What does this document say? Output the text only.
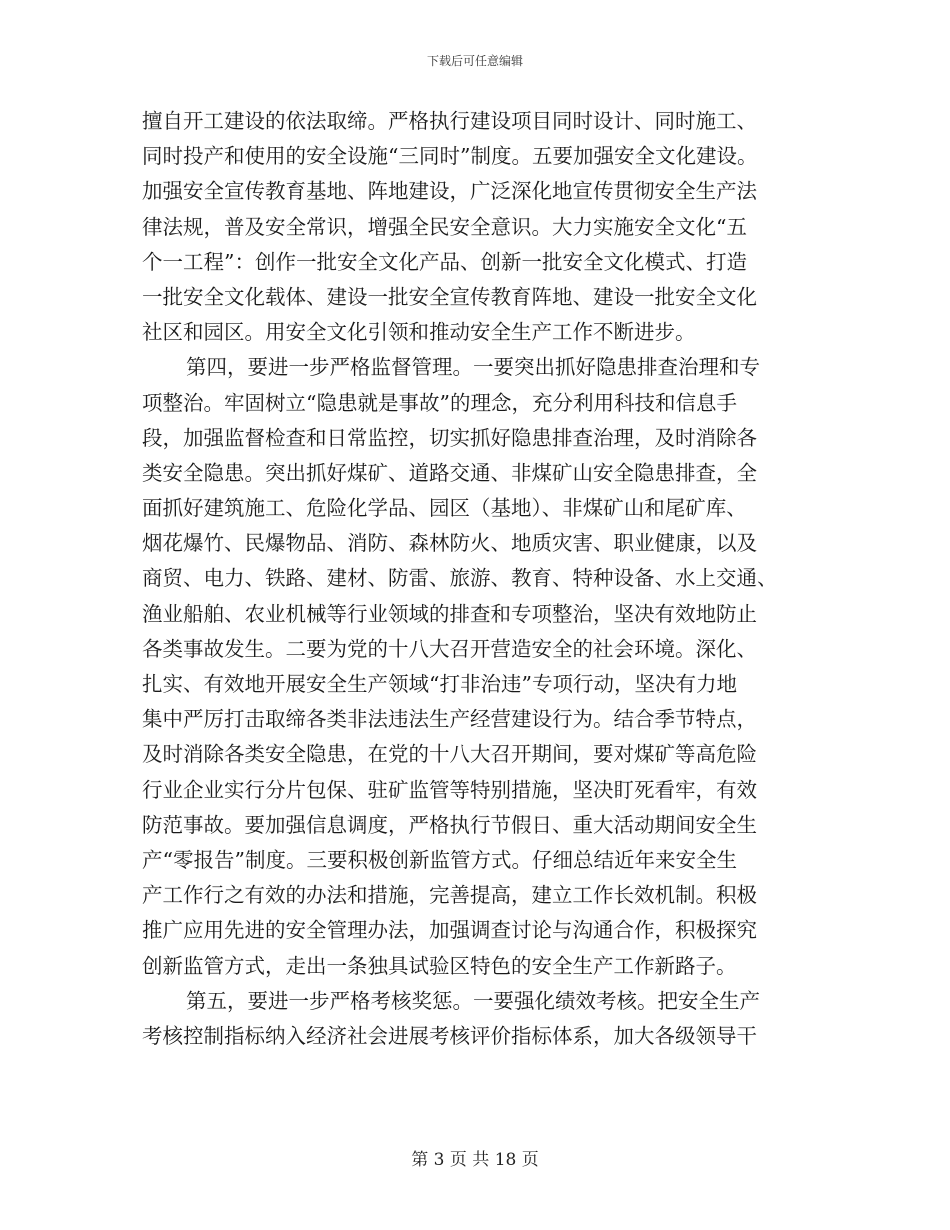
下载后可任意编辑
擅自开工建设的依法取缔。严格执行建设项目同时设计、同时施工、
同时投产和使用的安全设施“三同时”制度。五要加强安全文化建设。
加强安全宣传教育基地、阵地建设，广泛深化地宣传贯彻安全生产法
律法规，普及安全常识，增强全民安全意识。大力实施安全文化“五
个一工程”：创作一批安全文化产品、创新一批安全文化模式、打造
一批安全文化载体、建设一批安全宣传教育阵地、建设一批安全文化
社区和园区。用安全文化引领和推动安全生产工作不断进步。
第四，要进一步严格监督管理。一要突出抓好隐患排查治理和专
项整治。牢固树立“隐患就是事故”的理念，充分利用科技和信息手
段，加强监督检查和日常监控，切实抓好隐患排查治理，及时消除各
类安全隐患。突出抓好煤矿、道路交通、非煤矿山安全隐患排查，全
面抓好建筑施工、危险化学品、园区（基地）、非煤矿山和尾矿库、
烟花爆竹、民爆物品、消防、森林防火、地质灾害、职业健康，以及
商贸、电力、铁路、建材、防雷、旅游、教育、特种设备、水上交通、
渔业船舶、农业机械等行业领域的排查和专项整治，坚决有效地防止
各类事故发生。二要为党的十八大召开营造安全的社会环境。深化、
扎实、有效地开展安全生产领域“打非治违”专项行动，坚决有力地
集中严厉打击取缔各类非法违法生产经营建设行为。结合季节特点，
及时消除各类安全隐患，在党的十八大召开期间，要对煤矿等高危险
行业企业实行分片包保、驻矿监管等特别措施，坚决盯死看牢，有效
防范事故。要加强信息调度，严格执行节假日、重大活动期间安全生
产“零报告”制度。三要积极创新监管方式。仔细总结近年来安全生
产工作行之有效的办法和措施，完善提高，建立工作长效机制。积极
推广应用先进的安全管理办法，加强调查讨论与沟通合作，积极探究
创新监管方式，走出一条独具试验区特色的安全生产工作新路子。
第五，要进一步严格考核奖惩。一要强化绩效考核。把安全生产
考核控制指标纳入经济社会进展考核评价指标体系，加大各级领导干
第 3 页 共 18 页
